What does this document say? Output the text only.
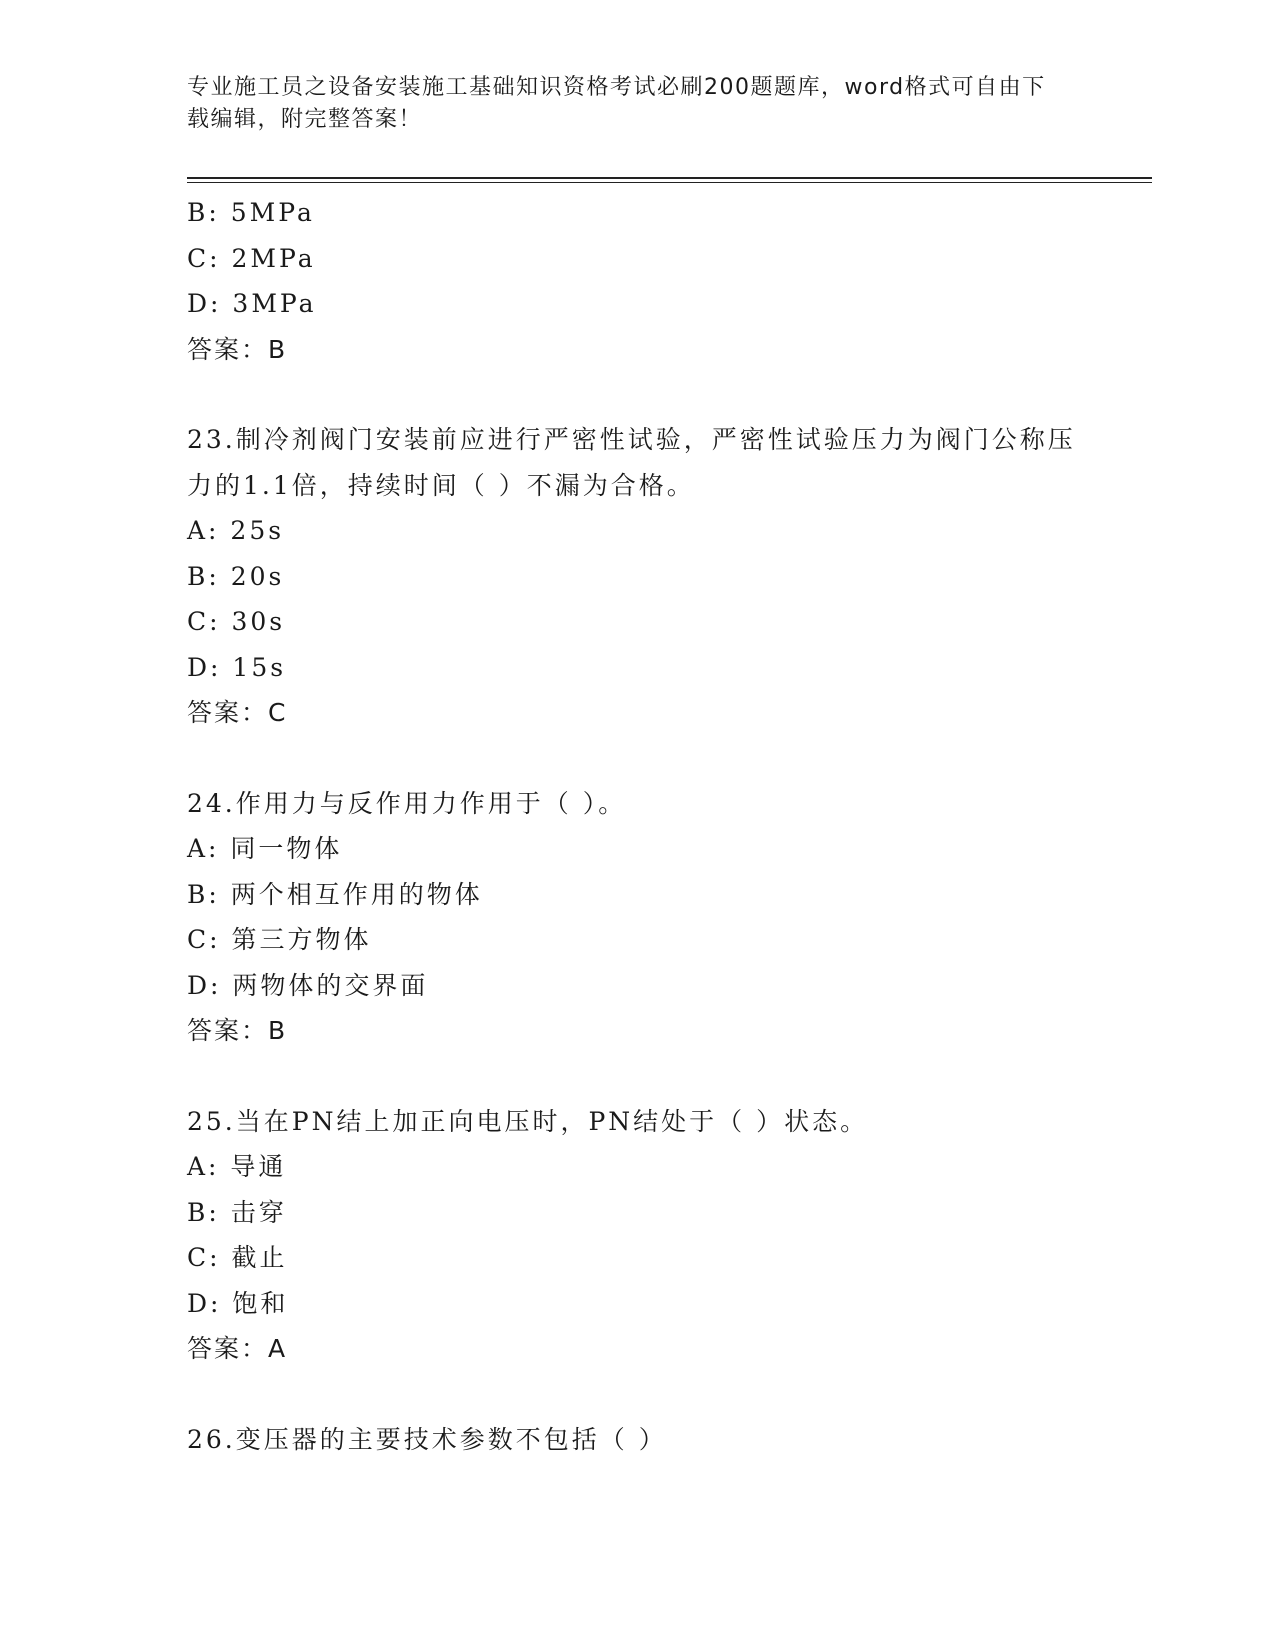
专业施工员之设备安装施工基础知识资格考试必刷200题题库，word格式可自由下载编辑，附完整答案！
B: 5MPa
C: 2MPa
D: 3MPa
答案：B
23.制冷剂阀门安装前应进行严密性试验，严密性试验压力为阀门公称压力的1.1倍，持续时间（ ）不漏为合格。
A: 25s
B: 20s
C: 30s
D: 15s
答案：C
24.作用力与反作用力作用于（ ）。
A: 同一物体
B: 两个相互作用的物体
C: 第三方物体
D: 两物体的交界面
答案：B
25.当在PN结上加正向电压时，PN结处于（ ）状态。
A: 导通
B: 击穿
C: 截止
D: 饱和
答案：A
26.变压器的主要技术参数不包括（ ）
